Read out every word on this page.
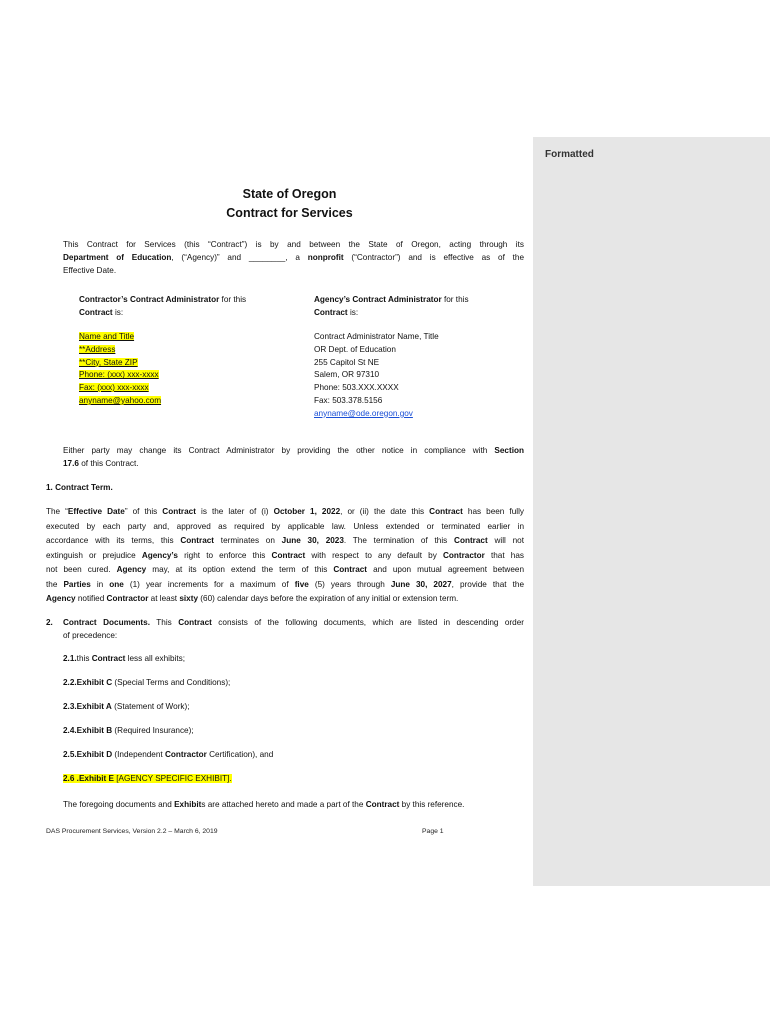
Formatted
State of Oregon
Contract for Services
This Contract for Services (this “Contract”) is by and between the State of Oregon, acting through its
Department of Education, (“Agency)” and ________, a nonprofit (“Contractor”) and is effective as of the
Effective Date.
Contractor’s Contract Administrator for this
Contract is:
Name and Title
**Address
**City, State ZIP
Phone: (xxx) xxx-xxxx
Fax: (xxx) xxx-xxxx
anyname@yahoo.com
Agency’s Contract Administrator for this
Contract is:
Contract Administrator Name, Title
OR Dept. of Education
255 Capitol St NE
Salem, OR 97310
Phone: 503.XXX.XXXX
Fax: 503.378.5156
anyname@ode.oregon.gov
Either party may change its Contract Administrator by providing the other notice in compliance with Section
17.6 of this Contract.
1. Contract Term.
The “Effective Date” of this Contract is the later of (i) October 1, 2022, or (ii) the date this Contract has been fully
executed by each party and, approved as required by applicable law. Unless extended or terminated earlier in
accordance with its terms, this Contract terminates on June 30, 2023. The termination of this Contract will not
extinguish or prejudice Agency’s right to enforce this Contract with respect to any default by Contractor that has
not been cured. Agency may, at its option extend the term of this Contract and upon mutual agreement between
the Parties in one (1) year increments for a maximum of five (5) years through June 30, 2027, provide that the
Agency notified Contractor at least sixty (60) calendar days before the expiration of any initial or extension term.
2. Contract Documents. This Contract consists of the following documents, which are listed in descending order
of precedence:
2.1.this Contract less all exhibits;
2.2.Exhibit C (Special Terms and Conditions);
2.3.Exhibit A (Statement of Work);
2.4.Exhibit B (Required Insurance);
2.5.Exhibit D (Independent Contractor Certification), and
2.6 .Exhibit E [AGENCY SPECIFIC EXHIBIT].
The foregoing documents and Exhibits are attached hereto and made a part of the Contract by this reference.
DAS Procurement Services, Version 2.2 – March 6, 2019	Page 1
